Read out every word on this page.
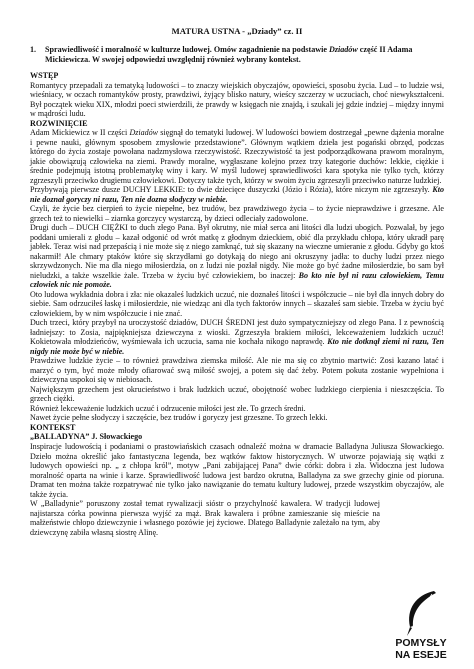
MATURA USTNA - „Dziady” cz. II
1.	Sprawiedliwość i moralność w kulturze ludowej. Omów zagadnienie na podstawie Dziadów część II Adama Mickiewicza. W swojej odpowiedzi uwzględnij również wybrany kontekst.
WSTĘP

Romantycy przepadali za tematyką ludowości – to znaczy wiejskich obyczajów, opowieści, sposobu życia. Lud – to ludzie wsi, wieśniacy, w oczach romantyków prosty, prawdziwi, żyjący blisko natury, wieścy szczerzy w uczuciach, choć niewykształceni. Był początek wieku XIX, młodzi poeci stwierdzili, że prawdy w księgach nie znajdą, i szukali jej gdzie indziej – między innymi w mądrości ludu.

ROZWINIĘCIE

Adam Mickiewicz w II części Dziadów sięgnął do tematyki ludowej. W ludowości bowiem dostrzegał „pewne dążenia moralne i pewne nauki, głównym sposobem zmysłowie przedstawione”. Głównym wątkiem dzieła jest pogański obrzęd, podczas którego do życia zostaje powołana nadzmysłowa rzeczywistość. Rzeczywistość ta jest podporządkowana prawom moralnym, jakie obowiązują człowieka na ziemi. Prawdy moralne, wygłaszane kolejno przez trzy kategorie duchów: lekkie, ciężkie i średnie podejmują istotną problematykę winy i kary. W myśl ludowej sprawiedliwości kara spotyka nie tylko tych, którzy zgrzeszyli przeciwko drugiemu człowiekowi. Dotyczy także tych, którzy w swoim życiu zgrzeszyli przeciwko naturze ludzkiej.

Przybywają pierwsze dusze DUCHY LEKKIE: to dwie dziecięce duszyczki (Józio i Rózia), które niczym nie zgrzeszyły. Kto nie doznał goryczy ni razu, Ten nie dozna słodyczy w niebie.

Czyli, że życie bez cierpień to życie niepełne, bez trudów, bez prawdziwego życia – to życie nieprawdziwe i grzeszne. Ale grzech też to niewielki – ziarnka gorczycy wystarczą, by dzieci odleciały zadowolone.

Drugi duch – DUCH CIĘŻKI to duch złego Pana. Był okrutny, nie miał serca ani litości dla ludzi ubogich. Pozwalał, by jego poddani umierali z głodu – kazał odgonić od wrót matkę z głodnym dzieckiem, obić dla przykładu chłopa, który ukradł parę jabłek. Teraz wisi nad przepaścią i nie może się z niego zamknąć, tuż się skazany na wieczne umieranie z głodu. Gdyby go ktoś nakarmił! Ale chmary ptaków które się skrzydłami go dotykają do niego ani okruszyny jadła: to duchy ludzi przez niego skrzywdzonych. Nie ma dla niego miłosierdzia, on z ludzi nie pozłał nigdy. Nie może go być żadne miłosierdzie, bo sam był nieludzki, a także wszelkie żale. Trzeba w życiu być człowiekiem, bo inaczej: Bo kto nie był ni razu człowiekiem, Temu człowiek nic nie pomoże.

Oto ludowa wykładnia dobra i zła: nie okazaleś ludzkich uczuć, nie doznałeś litości i współczucie – nie był dla innych dobry do siebie. Sam odrzuciłeś łaskę i miłosierdzie, nie wiedząc ani dla tych faktorów innych – skazałeś sam siebie. Trzeba w życiu być człowiekiem, by w nim współczucie i nie znać.

Duch trzeci, który przybył na uroczystość dziadów, DUCH ŚREDNI jest dużo sympatyczniejszy od złego Pana. I z pewnością ładniejszy: to Zosia, najpiękniejsza dziewczyna z wioski. Zgrzeszyła brakiem miłości, lekceważeniem ludzkich uczuć! Kokietowała młodzieńców, wyśmiewała ich uczucia, sama nie kochała nikogo naprawdę. Kto nie dotknął ziemi ni razu, Ten nigdy nie może być w niebie.

Prawdziwe ludzkie życie – to również prawdziwa ziemska miłość. Ale nie ma się co zbytnio martwić: Zosi kazano latać i marzyć o tym, być może młody ofiarować swą miłość swojej, a potem się dać żeby. Potem pokuta zostanie wypełniona i dziewczyna uspokoi się w niebiosach.

Największym grzechem jest okrucieństwo i brak ludzkich uczuć, obojętność wobec ludzkiego cierpienia i nieszczęścia. To grzech ciężki.

Również lekceważenie ludzkich uczuć i odrzucenie miłości jest złe. To grzech średni.

Nawet życie pełne słodyczy i szczęście, bez trudów i goryczy jest grzeszne. To grzech lekki.

KONTEKST
„BALLADYNA” J. Słowackiego

Inspiracje ludowością i podaniami o prastowiańskich czasach odnaleźć można w dramacie Balladyna Juliusza Słowackiego. Dzieło można określić jako fantastyczna legenda, bez wątków faktow historycznych. W utworze pojawiają się wątki z ludowych opowieści np. „ z chłopa król”, motyw „Pani zabijającej Pana” dwie córki: dobra i zła. Widoczna jest ludowa moralność oparta na winie i karze. Sprawiedliwość ludowa jest bardzo okrutna, Balladyna za swe grzechy ginie od pioruna. Dramat ten można także rozpatrywać nie tylko jako nawiązanie do tematu kultury ludowej, przede wszystkim obyczajów, ale także życia.

W „Balladynie” poruszony został temat rywalizacji sióstr o przychylność kawalera. W tradycji ludowej najistarsza córka powinna pierwsza wyjść za mąż. Brak kawalera i próbne zamieszanie się mieście na małżeństwie chłopo dziewczynie i własnego pozówie jej życiowe. Dlatego Balladynie zależało na tym, aby dziewczynę zabiła własną siostrę Alinę.

POMYSŁY
NA ESEJE
